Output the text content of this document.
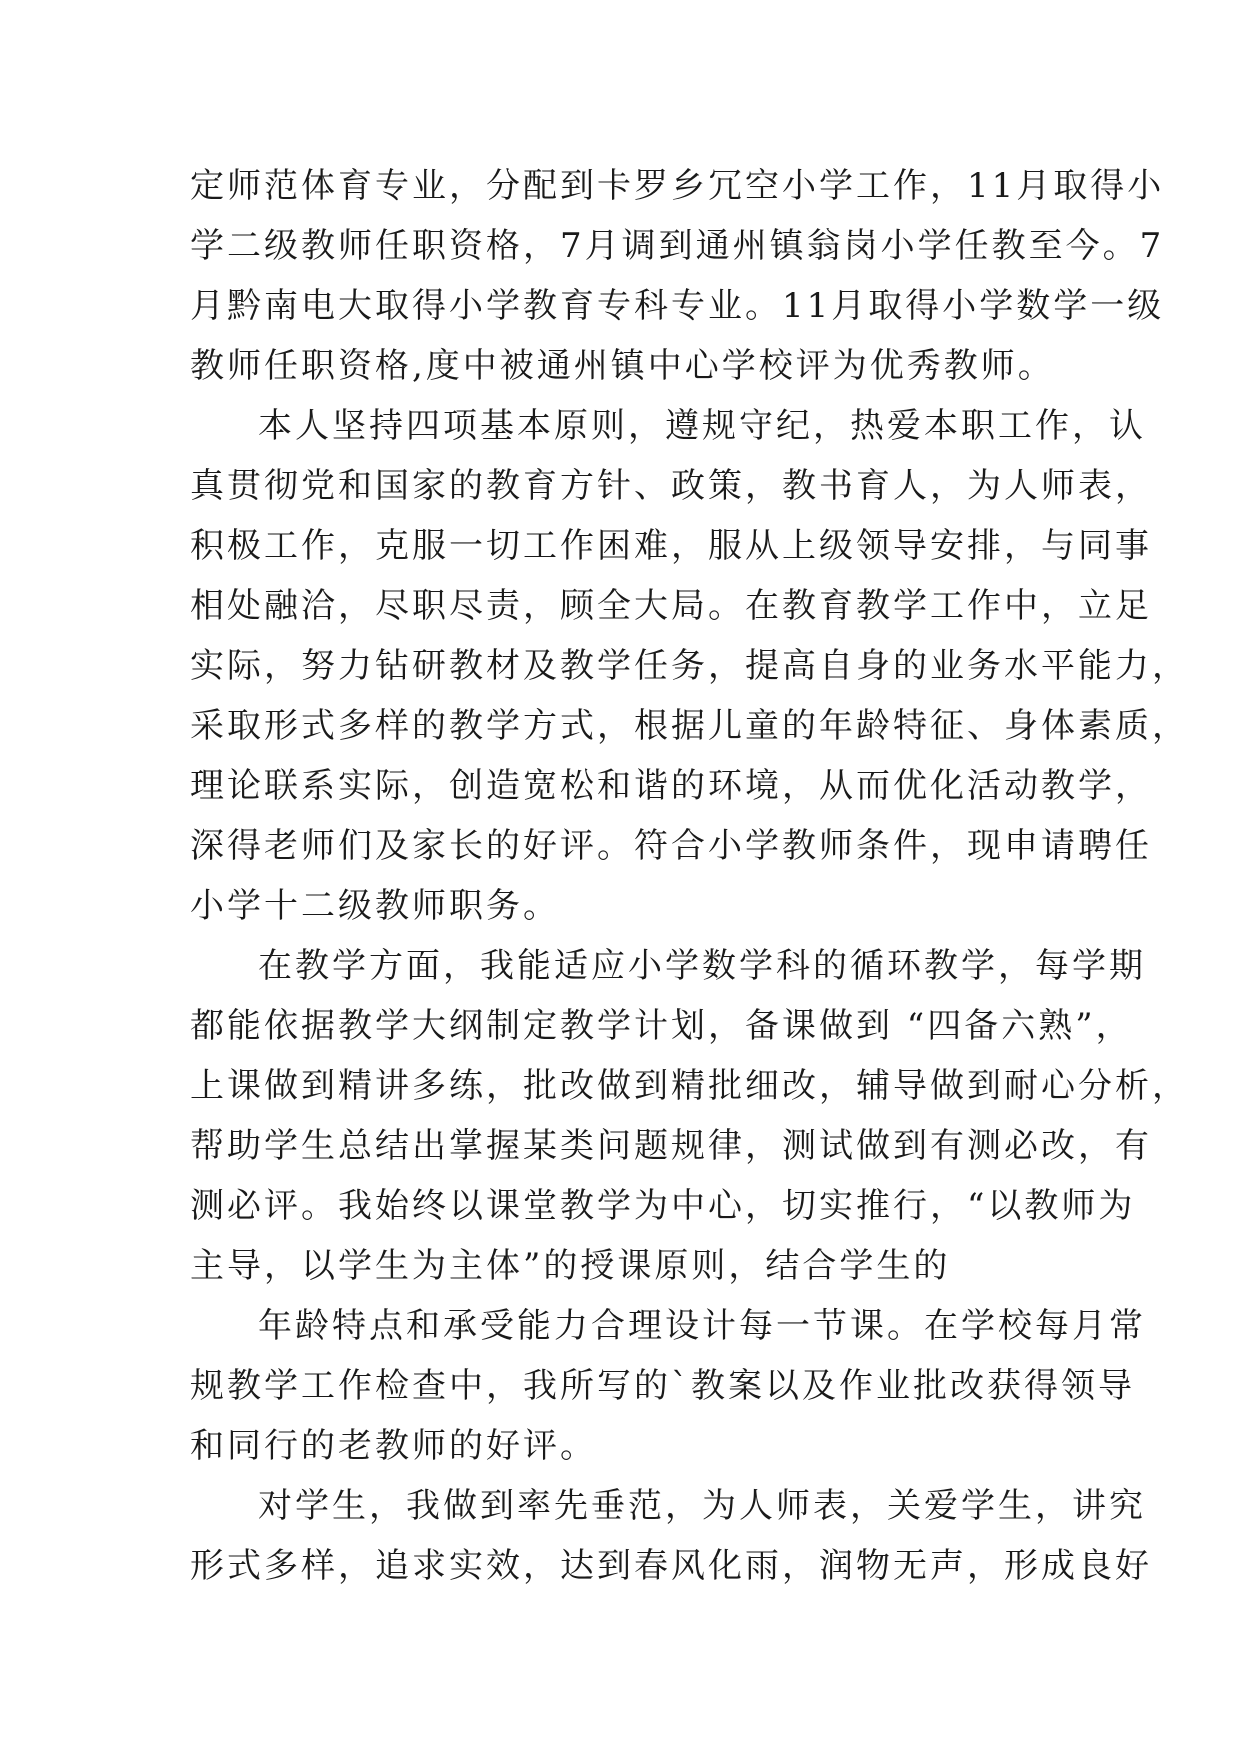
定师范体育专业，分配到卡罗乡冗空小学工作，11月取得小
学二级教师任职资格，7月调到通州镇翁岗小学任教至今。7
月黔南电大取得小学教育专科专业。11月取得小学数学一级
教师任职资格,度中被通州镇中心学校评为优秀教师。
本人坚持四项基本原则，遵规守纪，热爱本职工作，认
真贯彻党和国家的教育方针、政策，教书育人，为人师表，
积极工作，克服一切工作困难，服从上级领导安排，与同事
相处融洽，尽职尽责，顾全大局。在教育教学工作中，立足
实际，努力钻研教材及教学任务，提高自身的业务水平能力，
采取形式多样的教学方式，根据儿童的年龄特征、身体素质，
理论联系实际，创造宽松和谐的环境，从而优化活动教学，
深得老师们及家长的好评。符合小学教师条件，现申请聘任
小学十二级教师职务。
在教学方面，我能适应小学数学科的循环教学，每学期
都能依据教学大纲制定教学计划，备课做到 “四备六熟”，
上课做到精讲多练，批改做到精批细改，辅导做到耐心分析，
帮助学生总结出掌握某类问题规律，测试做到有测必改，有
测必评。我始终以课堂教学为中心，切实推行，“以教师为
主导，以学生为主体”的授课原则，结合学生的
年龄特点和承受能力合理设计每一节课。在学校每月常
规教学工作检查中，我所写的`教案以及作业批改获得领导
和同行的老教师的好评。
对学生，我做到率先垂范，为人师表，关爱学生，讲究
形式多样，追求实效，达到春风化雨，润物无声，形成良好
